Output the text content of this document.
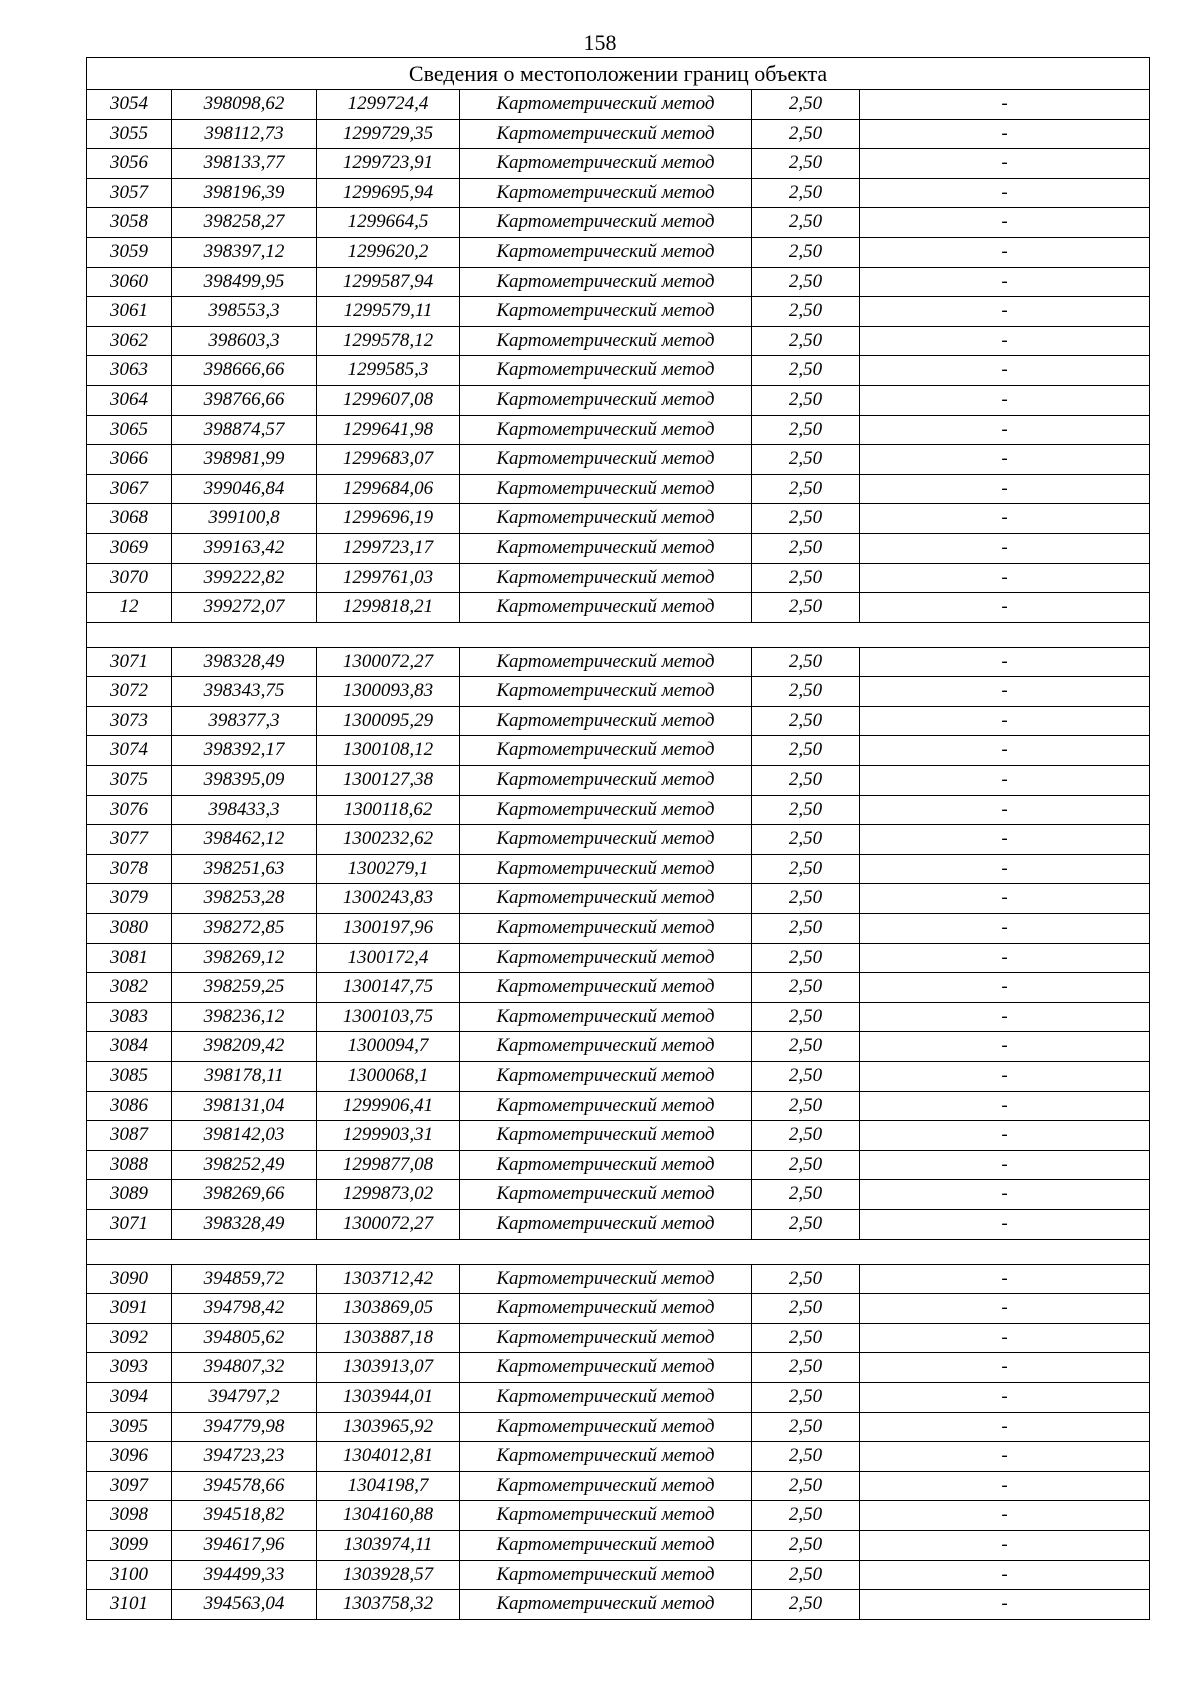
158
Сведения о местоположении границ объекта					
3054	398098,62	1299724,4	Картометрический метод	2,50	-
3055	398112,73	1299729,35	Картометрический метод	2,50	-
3056	398133,77	1299723,91	Картометрический метод	2,50	-
3057	398196,39	1299695,94	Картометрический метод	2,50	-
3058	398258,27	1299664,5	Картометрический метод	2,50	-
3059	398397,12	1299620,2	Картометрический метод	2,50	-
3060	398499,95	1299587,94	Картометрический метод	2,50	-
3061	398553,3	1299579,11	Картометрический метод	2,50	-
3062	398603,3	1299578,12	Картометрический метод	2,50	-
3063	398666,66	1299585,3	Картометрический метод	2,50	-
3064	398766,66	1299607,08	Картометрический метод	2,50	-
3065	398874,57	1299641,98	Картометрический метод	2,50	-
3066	398981,99	1299683,07	Картометрический метод	2,50	-
3067	399046,84	1299684,06	Картометрический метод	2,50	-
3068	399100,8	1299696,19	Картометрический метод	2,50	-
3069	399163,42	1299723,17	Картометрический метод	2,50	-
3070	399222,82	1299761,03	Картометрический метод	2,50	-
12	399272,07	1299818,21	Картометрический метод	2,50	-

3071	398328,49	1300072,27	Картометрический метод	2,50	-
3072	398343,75	1300093,83	Картометрический метод	2,50	-
3073	398377,3	1300095,29	Картометрический метод	2,50	-
3074	398392,17	1300108,12	Картометрический метод	2,50	-
3075	398395,09	1300127,38	Картометрический метод	2,50	-
3076	398433,3	1300118,62	Картометрический метод	2,50	-
3077	398462,12	1300232,62	Картометрический метод	2,50	-
3078	398251,63	1300279,1	Картометрический метод	2,50	-
3079	398253,28	1300243,83	Картометрический метод	2,50	-
3080	398272,85	1300197,96	Картометрический метод	2,50	-
3081	398269,12	1300172,4	Картометрический метод	2,50	-
3082	398259,25	1300147,75	Картометрический метод	2,50	-
3083	398236,12	1300103,75	Картометрический метод	2,50	-
3084	398209,42	1300094,7	Картометрический метод	2,50	-
3085	398178,11	1300068,1	Картометрический метод	2,50	-
3086	398131,04	1299906,41	Картометрический метод	2,50	-
3087	398142,03	1299903,31	Картометрический метод	2,50	-
3088	398252,49	1299877,08	Картометрический метод	2,50	-
3089	398269,66	1299873,02	Картометрический метод	2,50	-
3071	398328,49	1300072,27	Картометрический метод	2,50	-

3090	394859,72	1303712,42	Картометрический метод	2,50	-
3091	394798,42	1303869,05	Картометрический метод	2,50	-
3092	394805,62	1303887,18	Картометрический метод	2,50	-
3093	394807,32	1303913,07	Картометрический метод	2,50	-
3094	394797,2	1303944,01	Картометрический метод	2,50	-
3095	394779,98	1303965,92	Картометрический метод	2,50	-
3096	394723,23	1304012,81	Картометрический метод	2,50	-
3097	394578,66	1304198,7	Картометрический метод	2,50	-
3098	394518,82	1304160,88	Картометрический метод	2,50	-
3099	394617,96	1303974,11	Картометрический метод	2,50	-
3100	394499,33	1303928,57	Картометрический метод	2,50	-
3101	394563,04	1303758,32	Картометрический метод	2,50	-
